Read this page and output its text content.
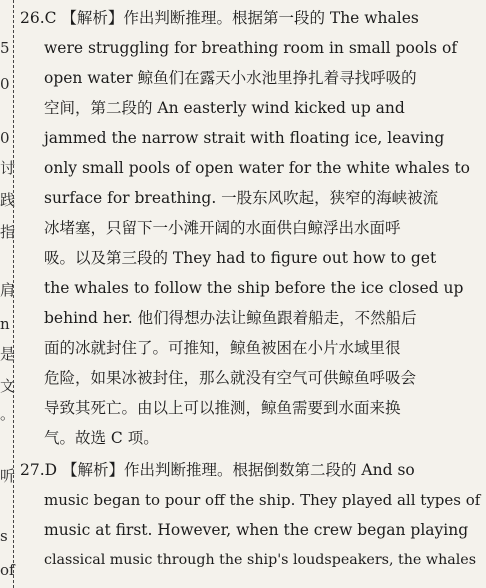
5
0
0
讨
践
指
肩
n
是
文
。
听
s
of
26.C 【解析】作出判断推理。根据第一段的 The whales
were struggling for breathing room in small pools of
open water 鲸鱼们在露天小水池里挣扎着寻找呼吸的
空间，第二段的 An easterly wind kicked up and
jammed the narrow strait with floating ice, leaving
only small pools of open water for the white whales to
surface for breathing. 一股东风吹起，狭窄的海峡被流
冰堵塞，只留下一小滩开阔的水面供白鲸浮出水面呼
吸。以及第三段的 They had to figure out how to get
the whales to follow the ship before the ice closed up
behind her. 他们得想办法让鲸鱼跟着船走，不然船后
面的冰就封住了。可推知，鲸鱼被困在小片水域里很
危险，如果冰被封住，那么就没有空气可供鲸鱼呼吸会
导致其死亡。由以上可以推测，鲸鱼需要到水面来换
气。故选 C 项。
27.D 【解析】作出判断推理。根据倒数第二段的 And so
music began to pour off the ship. They played all types of
music at first. However, when the crew began playing
classical music through the ship's loudspeakers, the whales
